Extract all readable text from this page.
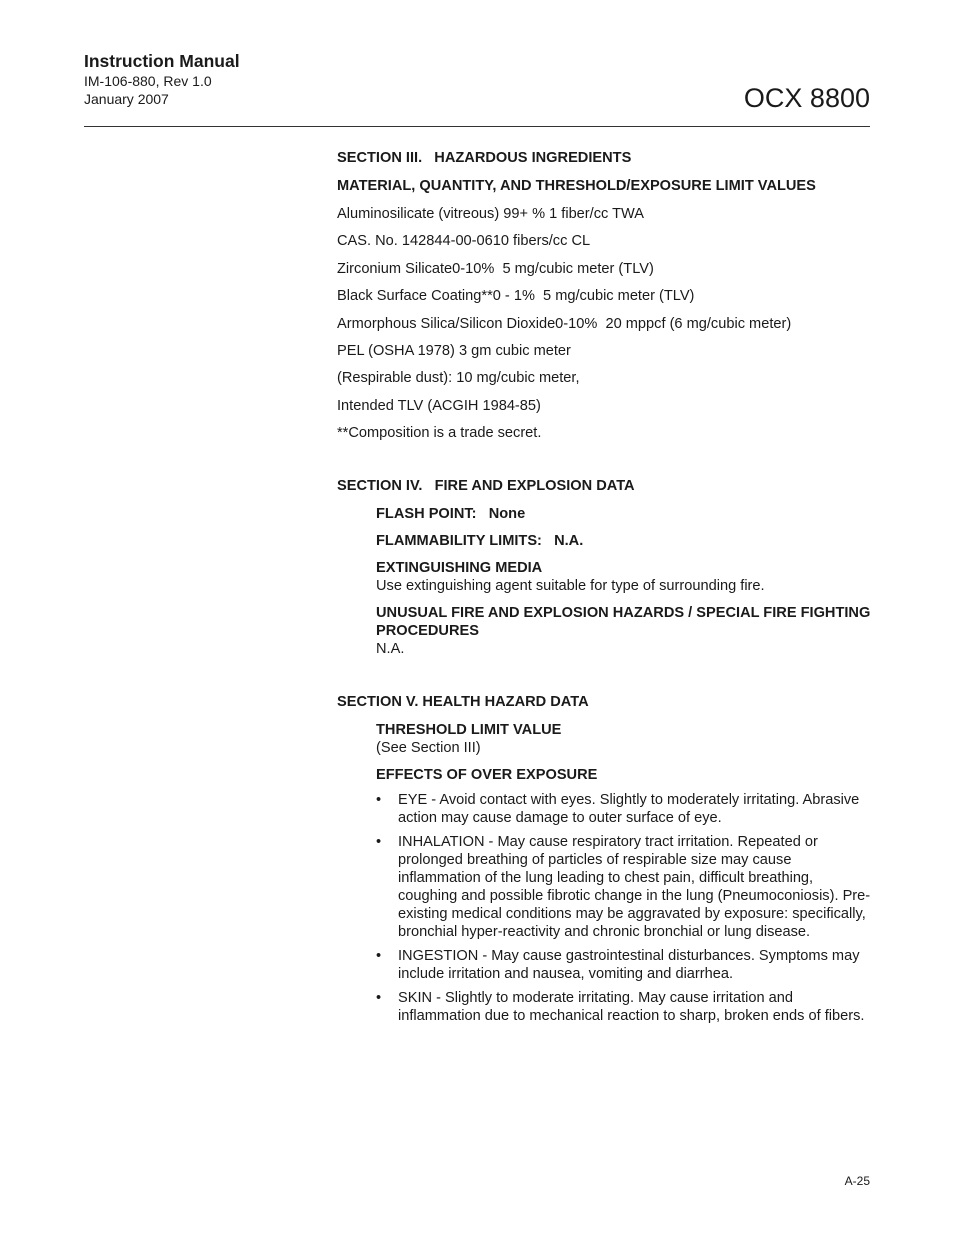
Instruction Manual
IM-106-880, Rev 1.0
January 2007	OCX 8800
SECTION III.   HAZARDOUS INGREDIENTS
MATERIAL, QUANTITY, AND THRESHOLD/EXPOSURE LIMIT VALUES
Aluminosilicate (vitreous) 99+ % 1 fiber/cc TWA
CAS. No. 142844-00-0610 fibers/cc CL
Zirconium Silicate0-10%  5 mg/cubic meter (TLV)
Black Surface Coating**0 - 1%  5 mg/cubic meter (TLV)
Armorphous Silica/Silicon Dioxide0-10%  20 mppcf (6 mg/cubic meter)
PEL (OSHA 1978) 3 gm cubic meter
(Respirable dust): 10 mg/cubic meter,
Intended TLV (ACGIH 1984-85)
**Composition is a trade secret.
SECTION IV.   FIRE AND EXPLOSION DATA
FLASH POINT:   None
FLAMMABILITY LIMITS:   N.A.
EXTINGUISHING MEDIA
Use extinguishing agent suitable for type of surrounding fire.
UNUSUAL FIRE AND EXPLOSION HAZARDS / SPECIAL FIRE FIGHTING PROCEDURES
N.A.
SECTION V. HEALTH HAZARD DATA
THRESHOLD LIMIT VALUE
(See Section III)
EFFECTS OF OVER EXPOSURE
• EYE - Avoid contact with eyes. Slightly to moderately irritating. Abrasive action may cause damage to outer surface of eye.
• INHALATION - May cause respiratory tract irritation. Repeated or prolonged breathing of particles of respirable size may cause inflammation of the lung leading to chest pain, difficult breathing, coughing and possible fibrotic change in the lung (Pneumoconiosis). Pre-existing medical conditions may be aggravated by exposure: specifically, bronchial hyper-reactivity and chronic bronchial or lung disease.
• INGESTION - May cause gastrointestinal disturbances. Symptoms may include irritation and nausea, vomiting and diarrhea.
• SKIN - Slightly to moderate irritating. May cause irritation and inflammation due to mechanical reaction to sharp, broken ends of fibers.
A-25
